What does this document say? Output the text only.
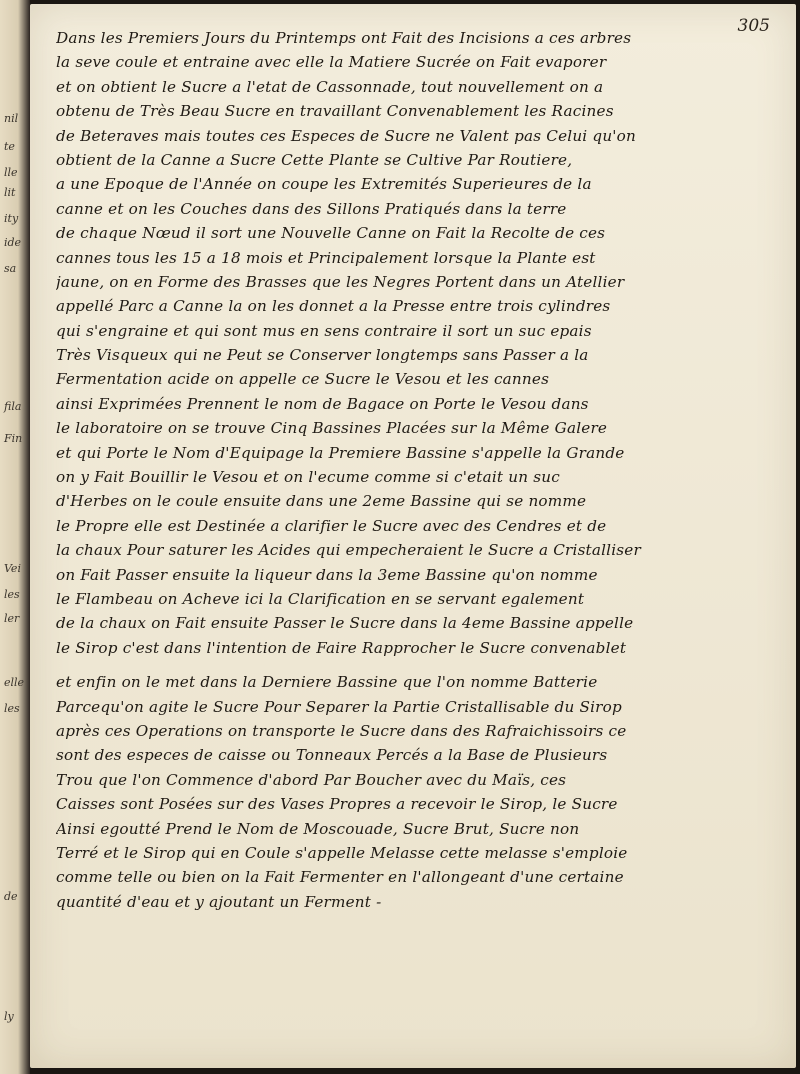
nil
te
lle
lit
ity
ide
sa
fila
Fin
Vei
les
ler
elle
les
de
ly
305
Dans les Premiers Jours du Printemps ont Fait des Incisions a ces arbres
la seve coule et entraine avec elle la Matiere Sucrée on Fait evaporer
et on obtient le Sucre a l'etat de Cassonnade, tout nouvellement on a
obtenu de Très Beau Sucre en travaillant Convenablement les Racines
de Beteraves mais toutes ces Especes de Sucre ne Valent pas Celui qu'on
obtient de la Canne a Sucre Cette Plante se Cultive Par Routiere,
a une Epoque de l'Année on coupe les Extremités Superieures de la
canne et on les Couches dans des Sillons Pratiqués dans la terre
de chaque Nœud il sort une Nouvelle Canne on Fait la Recolte de ces
cannes tous les 15 a 18 mois et Principalement lorsque la Plante est
jaune, on en Forme des Brasses que les Negres Portent dans un Atellier
appellé Parc a Canne la on les donnet a la Presse entre trois cylindres
qui s'engraine et qui sont mus en sens contraire il sort un suc epais
Très Visqueux qui ne Peut se Conserver longtemps sans Passer a la
Fermentation acide on appelle ce Sucre le Vesou et les cannes
ainsi Exprimées Prennent le nom de Bagace on Porte le Vesou dans
le laboratoire on se trouve Cinq Bassines Placées sur la Même Galere
et qui Porte le Nom d'Equipage la Premiere Bassine s'appelle la Grande
on y Fait Bouillir le Vesou et on l'ecume comme si c'etait un suc
d'Herbes on le coule ensuite dans une 2eme Bassine qui se nomme
le Propre elle est Destinée a clarifier le Sucre avec des Cendres et de
la chaux Pour saturer les Acides qui empecheraient le Sucre a Cristalliser
on Fait Passer ensuite la liqueur dans la 3eme Bassine qu'on nomme
le Flambeau on Acheve ici la Clarification en se servant egalement
de la chaux on Fait ensuite Passer le Sucre dans la 4eme Bassine appelle
le Sirop c'est dans l'intention de Faire Rapprocher le Sucre convenablet
et enfin on le met dans la Derniere Bassine que l'on nomme Batterie
Parcequ'on agite le Sucre Pour Separer la Partie Cristallisable du Sirop
après ces Operations on transporte le Sucre dans des Rafraichissoirs ce
sont des especes de caisse ou Tonneaux Percés a la Base de Plusieurs
Trou que l'on Commence d'abord Par Boucher avec du Maïs, ces
Caisses sont Posées sur des Vases Propres a recevoir le Sirop, le Sucre
Ainsi egoutté Prend le Nom de Moscouade, Sucre Brut, Sucre non
Terré et le Sirop qui en Coule s'appelle Melasse cette melasse s'emploie
comme telle ou bien on la Fait Fermenter en l'allongeant d'une certaine
quantité d'eau et y ajoutant un Ferment -
